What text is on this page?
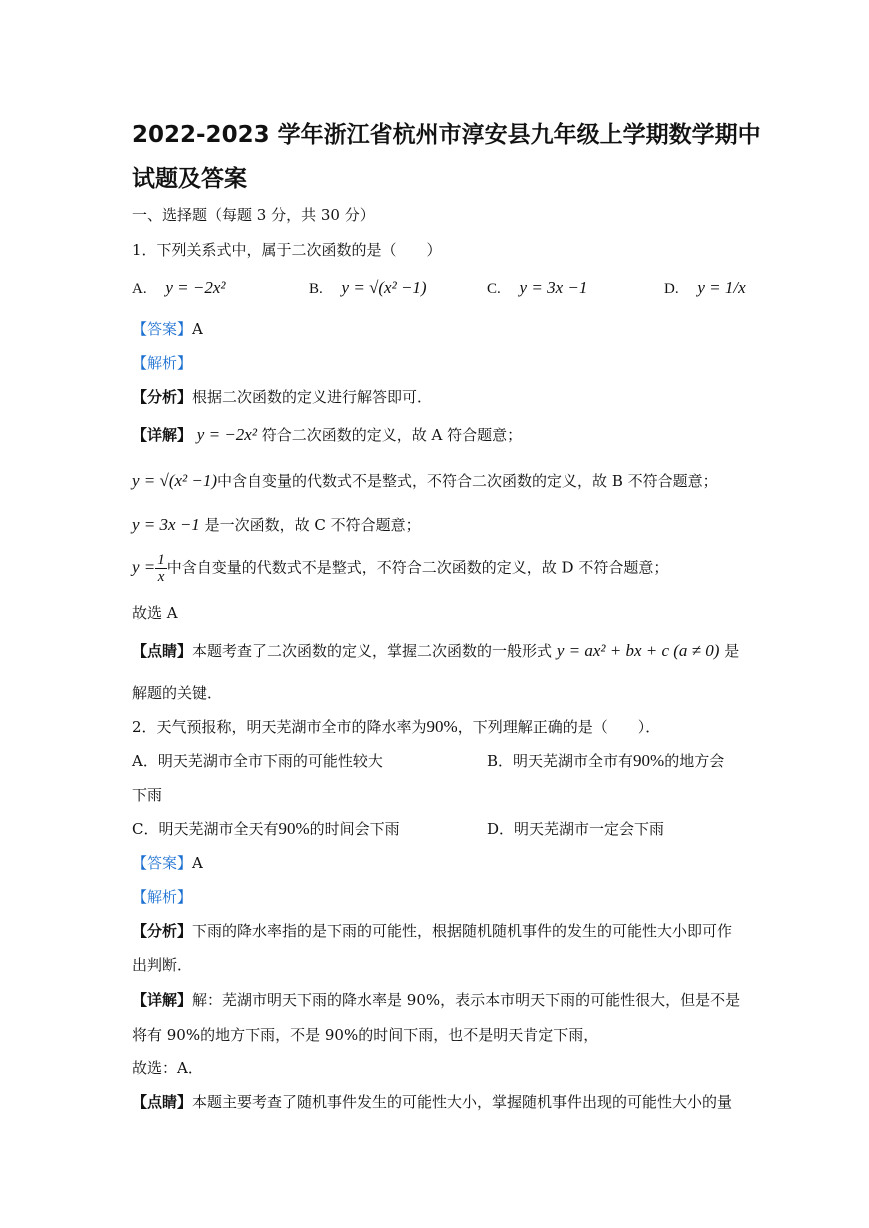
2022-2023 学年浙江省杭州市淳安县九年级上学期数学期中
试题及答案
一、选择题（每题 3 分，共 30 分）
1．下列关系式中，属于二次函数的是（　　）
A. y = −2x²	B. y = √(x² −1)	C. y = 3x −1	D. y = 1/x
【答案】A
【解析】
【分析】根据二次函数的定义进行解答即可．
【详解】 y = −2x² 符合二次函数的定义，故 A 符合题意；
y = √(x² −1)中含自变量的代数式不是整式，不符合二次函数的定义，故 B 不符合题意；
y = 3x −1 是一次函数，故 C 不符合题意；
$y = \frac{1}{x}$ 中含自变量的代数式不是整式，不符合二次函数的定义，故 D 不符合题意；
故选 A
【点睛】本题考查了二次函数的定义，掌握二次函数的一般形式 y = ax² + bx + c (a ≠ 0) 是
解题的关键．
2．天气预报称，明天芜湖市全市的降水率为90%，下列理解正确的是（　　）．
A．明天芜湖市全市下雨的可能性较大	B．明天芜湖市全市有90%的地方会
下雨
C．明天芜湖市全天有90%的时间会下雨	D．明天芜湖市一定会下雨
【答案】A
【解析】
【分析】下雨的降水率指的是下雨的可能性，根据随机随机事件的发生的可能性大小即可作
出判断．
【详解】解：芜湖市明天下雨的降水率是 90%，表示本市明天下雨的可能性很大，但是不是
将有 90%的地方下雨，不是 90%的时间下雨，也不是明天肯定下雨，
故选：A．
【点睛】本题主要考查了随机事件发生的可能性大小，掌握随机事件出现的可能性大小的量
